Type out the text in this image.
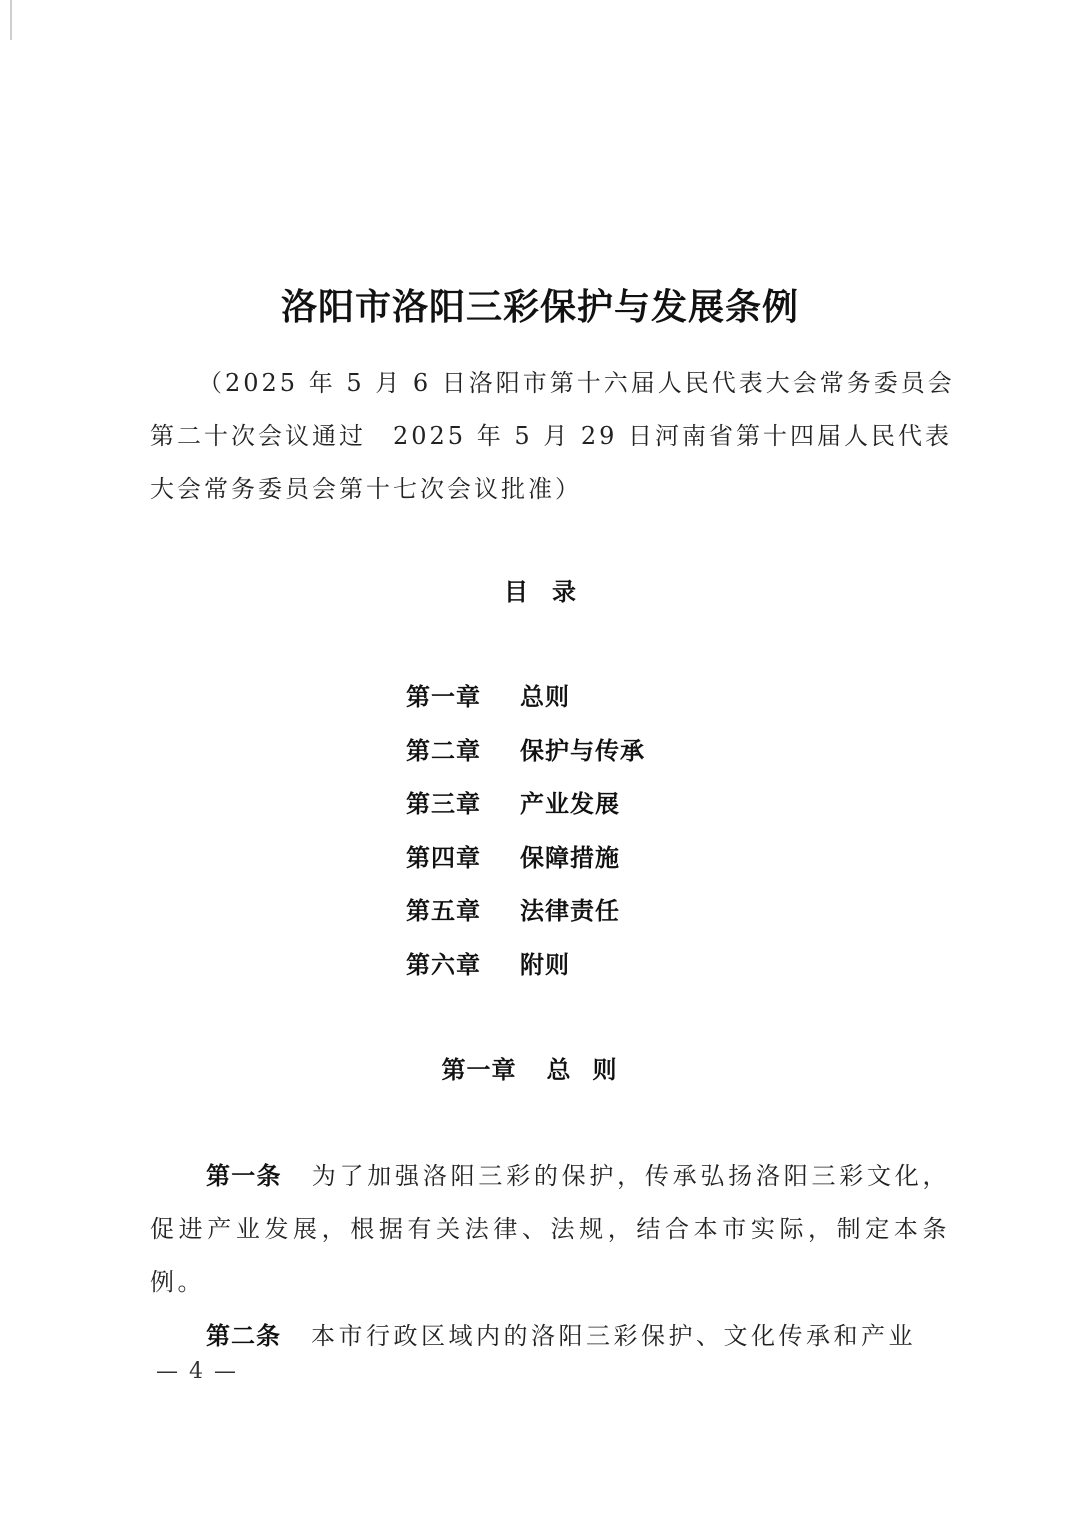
洛阳市洛阳三彩保护与发展条例
（2025 年 5 月 6 日洛阳市第十六届人民代表大会常务委员会
第二十次会议通过　2025 年 5 月 29 日河南省第十四届人民代表
大会常务委员会第十七次会议批准）
目录
第一章 总则
第二章 保护与传承
第三章 产业发展
第四章 保障措施
第五章 法律责任
第六章 附则
第一章 总则

第一条 为了加强洛阳三彩的保护，传承弘扬洛阳三彩文化，促进产业发展，根据有关法律、法规，结合本市实际，制定本条例。

第二条 本市行政区域内的洛阳三彩保护、文化传承和产业

— 4 —
